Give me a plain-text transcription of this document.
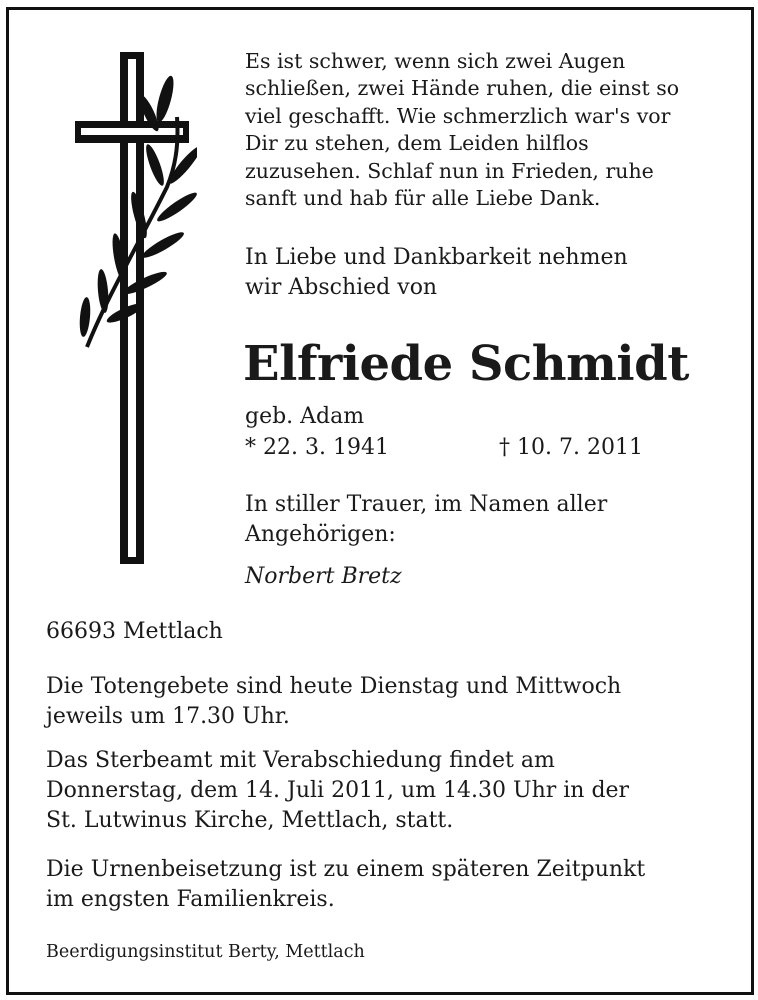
Es ist schwer, wenn sich zwei Augen
schließen, zwei Hände ruhen, die einst so
viel geschafft. Wie schmerzlich war's vor
Dir zu stehen, dem Leiden hilflos
zuzusehen. Schlaf nun in Frieden, ruhe
sanft und hab für alle Liebe Dank.
In Liebe und Dankbarkeit nehmen
wir Abschied von
Elfriede Schmidt
geb. Adam
* 22. 3. 1941	† 10. 7. 2011
In stiller Trauer, im Namen aller
Angehörigen:
Norbert Bretz
66693 Mettlach
Die Totengebete sind heute Dienstag und Mittwoch
jeweils um 17.30 Uhr.
Das Sterbeamt mit Verabschiedung findet am
Donnerstag, dem 14. Juli 2011, um 14.30 Uhr in der
St. Lutwinus Kirche, Mettlach, statt.
Die Urnenbeisetzung ist zu einem späteren Zeitpunkt
im engsten Familienkreis.
Beerdigungsinstitut Berty, Mettlach
